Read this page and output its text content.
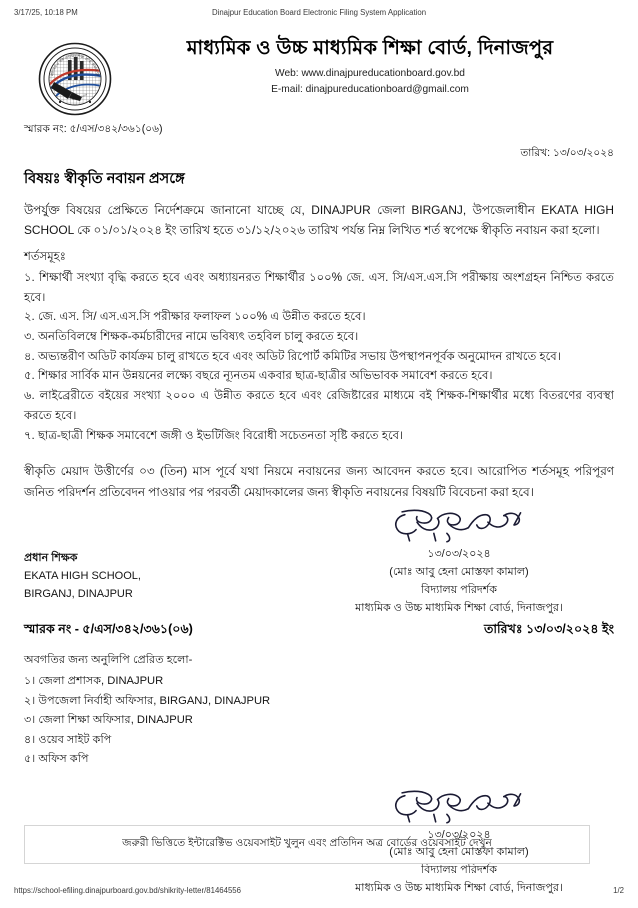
3/17/25, 10:18 PM	Dinajpur Education Board Electronic Filing System Application
মাধ্যমিক ও উচ্চ মাধ্যমিক শিক্ষা বোর্ড, দিনাজপুর
দিনাজপুর - ২০০৬
মাধ্যমিক ও উচ্চ মাধ্যমিক শিক্ষা বোর্ড, দিনাজপুর
Web: www.dinajpureducationboard.gov.bd
E-mail: dinajpureducationboard@gmail.com
স্মারক নং: ৫/এস/৩৪২/৩৬১(০৬)
তারিখ: ১৩/০৩/২০২৪
বিষয়ঃ স্বীকৃতি নবায়ন প্রসঙ্গে
উপর্যুক্ত বিষয়ের প্রেক্ষিতে নির্দেশক্রমে জানানো যাচ্ছে যে, DINAJPUR জেলা BIRGANJ, উপজেলাধীন EKATA HIGH SCHOOL কে ০১/০১/২০২৪ ইং তারিখ হতে ৩১/১২/২০২৬ তারিখ পর্যন্ত নিম্ন লিখিত শর্ত স্বপেক্ষে স্বীকৃতি নবায়ন করা হলো।
শর্তসমূহঃ
১. শিক্ষার্থী সংখ্যা বৃদ্ধি করতে হবে এবং অধ্যায়নরত শিক্ষার্থীর ১০০% জে. এস. সি/এস.এস.সি পরীক্ষায় অংশগ্রহন নিশ্চিত করতে হবে।
২. জে. এস. সি/ এস.এস.সি পরীক্ষার ফলাফল ১০০% এ উন্নীত করতে হবে।
৩. অনতিবিলম্বে শিক্ষক-কর্মচারীদের নামে ভবিষ্যৎ তহবিল চালু করতে হবে।
৪. অভ্যন্তরীণ অডিট কার্যক্রম চালু রাখতে হবে এবং অডিট রিপোর্ট কমিটির সভায় উপস্থাপনপূর্বক অনুমোদন রাখতে হবে।
৫. শিক্ষার সার্বিক মান উন্নয়নের লক্ষ্যে বছরে ন্যূনতম একবার ছাত্র-ছাত্রীর অভিভাবক সমাবেশ করতে হবে।
৬. লাইব্রেরীতে বইয়ের সংখ্যা ২০০০ এ উন্নীত করতে হবে এবং রেজিষ্টারের মাধ্যমে বই শিক্ষক-শিক্ষার্থীর মধ্যে বিতরণের ব্যবস্থা করতে হবে।
৭. ছাত্র-ছাত্রী শিক্ষক সমাবেশে জঙ্গী ও ইভটিজিং বিরোধী সচেতনতা সৃষ্টি করতে হবে।
স্বীকৃতি মেয়াদ উত্তীর্ণের ০৩ (তিন) মাস পূর্বে যথা নিয়মে নবায়নের জন্য আবেদন করতে হবে। আরোপিত শর্তসমূহ পরিপূরণ জনিত পরিদর্শন প্রতিবেদন পাওয়ার পর পরবর্তী মেয়াদকালের জন্য স্বীকৃতি নবায়নের বিষয়টি বিবেচনা করা হবে।
প্রধান শিক্ষক
EKATA HIGH SCHOOL,
BIRGANJ, DINAJPUR
১৩/০৩/২০২৪
(মোঃ আবু হেনা মোস্তফা কামাল)
বিদ্যালয় পরিদর্শক
মাধ্যমিক ও উচ্চ মাধ্যমিক শিক্ষা বোর্ড, দিনাজপুর।
স্মারক নং - ৫/এস/৩৪২/৩৬১(০৬)	তারিখঃ ১৩/০৩/২০২৪ ইং
অবগতির জন্য অনুলিপি প্রেরিত হলো-
১। জেলা প্রশাসক, DINAJPUR
২। উপজেলা নির্বাহী অফিসার, BIRGANJ, DINAJPUR
৩। জেলা শিক্ষা অফিসার, DINAJPUR
৪। ওয়েব সাইট কপি
৫। অফিস কপি
১৩/০৩/২০২৪
(মোঃ আবু হেনা মোস্তফা কামাল)
বিদ্যালয় পরিদর্শক
মাধ্যমিক ও উচ্চ মাধ্যমিক শিক্ষা বোর্ড, দিনাজপুর।
জরুরী ভিত্তিতে ইন্টারেক্টিভ ওয়েবসাইট খুলুন এবং প্রতিদিন অত্র বোর্ডের ওয়েবসাইট দেখুন
https://school-efiling.dinajpurboard.gov.bd/shikrity-letter/81464556	1/2
